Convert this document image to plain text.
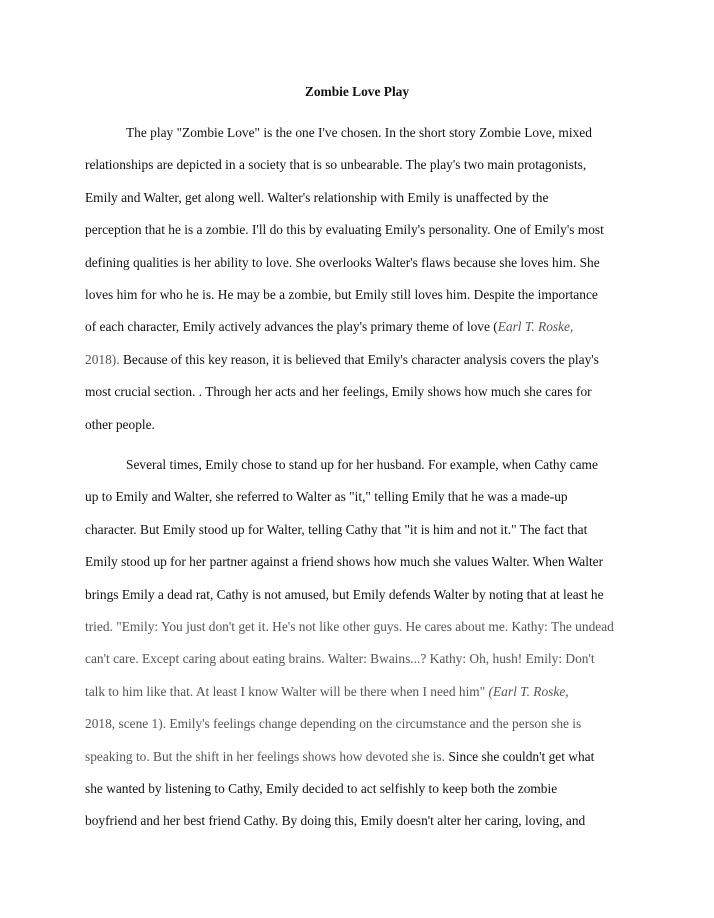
Zombie Love Play
The play "Zombie Love" is the one I've chosen. In the short story Zombie Love, mixed
relationships are depicted in a society that is so unbearable. The play's two main protagonists,
Emily and Walter, get along well. Walter's relationship with Emily is unaffected by the
perception that he is a zombie. I'll do this by evaluating Emily's personality. One of Emily's most
defining qualities is her ability to love. She overlooks Walter's flaws because she loves him. She
loves him for who he is. He may be a zombie, but Emily still loves him. Despite the importance
of each character, Emily actively advances the play's primary theme of love (Earl T. Roske,
2018). Because of this key reason, it is believed that Emily's character analysis covers the play's
most crucial section. . Through her acts and her feelings, Emily shows how much she cares for
other people.
Several times, Emily chose to stand up for her husband. For example, when Cathy came
up to Emily and Walter, she referred to Walter as "it," telling Emily that he was a made-up
character. But Emily stood up for Walter, telling Cathy that "it is him and not it." The fact that
Emily stood up for her partner against a friend shows how much she values Walter. When Walter
brings Emily a dead rat, Cathy is not amused, but Emily defends Walter by noting that at least he
tried. "Emily: You just don't get it. He's not like other guys. He cares about me. Kathy: The undead
can't care. Except caring about eating brains. Walter: Bwains...? Kathy: Oh, hush! Emily: Don't
talk to him like that. At least I know Walter will be there when I need him" (Earl T. Roske,
2018, scene 1). Emily's feelings change depending on the circumstance and the person she is
speaking to. But the shift in her feelings shows how devoted she is. Since she couldn't get what
she wanted by listening to Cathy, Emily decided to act selfishly to keep both the zombie
boyfriend and her best friend Cathy. By doing this, Emily doesn't alter her caring, loving, and
